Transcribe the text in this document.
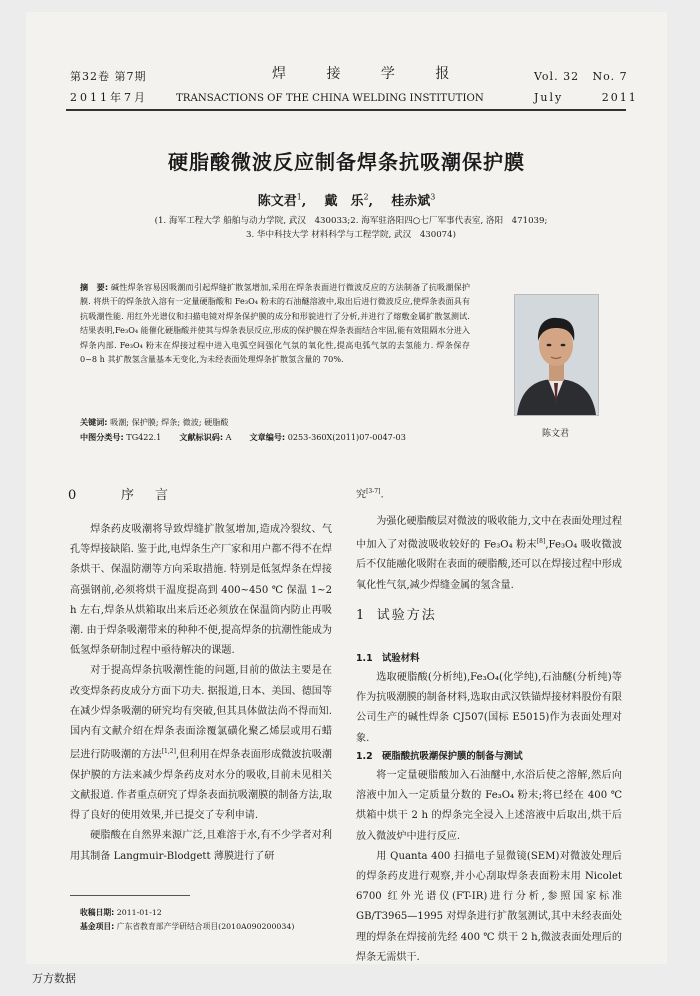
第32卷 第7期
2011年7月
焊 接 学 报
TRANSACTIONS OF THE CHINA WELDING INSTITUTION
Vol. 32   No. 7
July       2011
硬脂酸微波反应制备焊条抗吸潮保护膜
陈文君$^1$,    戴　乐$^2$,    桂赤斌$^3$
(1. 海军工程大学 船舶与动力学院, 武汉　430033;2. 海军驻洛阳四○七厂军事代表室, 洛阳　471039;
3. 华中科技大学 材料科学与工程学院, 武汉　430074)
摘　要: 碱性焊条容易因吸潮而引起焊缝扩散氢增加,采用在焊条表面进行微波反应的方法制备了抗吸潮保护膜. 将烘干的焊条放入溶有一定量硬脂酸和 Fe₃O₄ 粉末的石油醚溶液中,取出后进行微波反应,使焊条表面具有抗吸潮性能. 用红外光谱仪和扫描电镜对焊条保护膜的成分和形貌进行了分析,并进行了熔敷金属扩散氢测试. 结果表明,Fe₃O₄ 能催化硬脂酸并使其与焊条表层反应,形成的保护膜在焊条表面结合牢固,能有效阻隔水分进入焊条内部. Fe₃O₄ 粉末在焊接过程中进入电弧空间强化气氛的氧化性,提高电弧气氛的去氢能力. 焊条保存 0~8 h 其扩散氢含量基本无变化,为未经表面处理焊条扩散氢含量的 70%.
关键词: 吸潮; 保护膜; 焊条; 微波; 硬脂酸
中图分类号: TG422.1 文献标识码: A 文章编号: 0253-360X(2011)07-0047-03	陈文君
0	序　言

焊条药皮吸潮将导致焊缝扩散氢增加,造成冷裂纹、气孔等焊接缺陷. 鉴于此,电焊条生产厂家和用户都不得不在焊条烘干、保温防潮等方向采取措施. 特别是低氢焊条在焊接高强钢前,必须将烘干温度提高到 400~450 ℃ 保温 1~2 h 左右,焊条从烘箱取出来后还必须放在保温筒内防止再吸潮. 由于焊条吸潮带来的种种不便,提高焊条的抗潮性能成为低氢焊条研制过程中亟待解决的课题.

对于提高焊条抗吸潮性能的问题,目前的做法主要是在改变焊条药皮成分方面下功夫. 据报道,日本、美国、德国等在减少焊条吸潮的研究均有突破,但其具体做法尚不得而知. 国内有文献介绍在焊条表面涂覆氯磺化聚乙烯层或用石蜡层进行防吸潮的方法[1,2],但利用在焊条表面形成微波抗吸潮保护膜的方法来减少焊条药皮对水分的吸收,目前未见相关文献报道. 作者重点研究了焊条表面抗吸潮膜的制备方法,取得了良好的使用效果,并已提交了专利申请.

硬脂酸在自然界来源广泛,且难溶于水,有不少学者对利用其制备 Langmuir-Blodgett 薄膜进行了研

收稿日期: 2011-01-12
基金项目: 广东省教育部产学研结合项目(2010A090200034)

究[3-7].

为强化硬脂酸层对微波的吸收能力,文中在表面处理过程中加入了对微波吸收较好的 Fe₃O₄ 粉末[8],Fe₃O₄ 吸收微波后不仅能融化吸附在表面的硬脂酸,还可以在焊接过程中形成氧化性气氛,减少焊缝金属的氢含量.

1 试验方法
1.1　试验材料

选取硬脂酸(分析纯),Fe₃O₄(化学纯),石油醚(分析纯)等作为抗吸潮膜的制备材料,选取由武汉铁锚焊接材料股份有限公司生产的碱性焊条 CJ507(国标 E5015)作为表面处理对象.

1.2　硬脂酸抗吸潮保护膜的制备与测试

将一定量硬脂酸加入石油醚中,水浴后使之溶解,然后向溶液中加入一定质量分数的 Fe₃O₄ 粉末;将已经在 400 ℃ 烘箱中烘干 2 h 的焊条完全浸入上述溶液中后取出,烘干后放入微波炉中进行反应.

用 Quanta 400 扫描电子显微镜(SEM)对微波处理后的焊条药皮进行观察,并小心刮取焊条表面粉末用 Nicolet 6700 红外光谱仪(FT-IR)进行分析,参照国家标准 GB/T3965—1995 对焊条进行扩散氢测试,其中未经表面处理的焊条在焊接前先经 400 ℃ 烘干 2 h,微波表面处理后的焊条无需烘干.

万方数据
